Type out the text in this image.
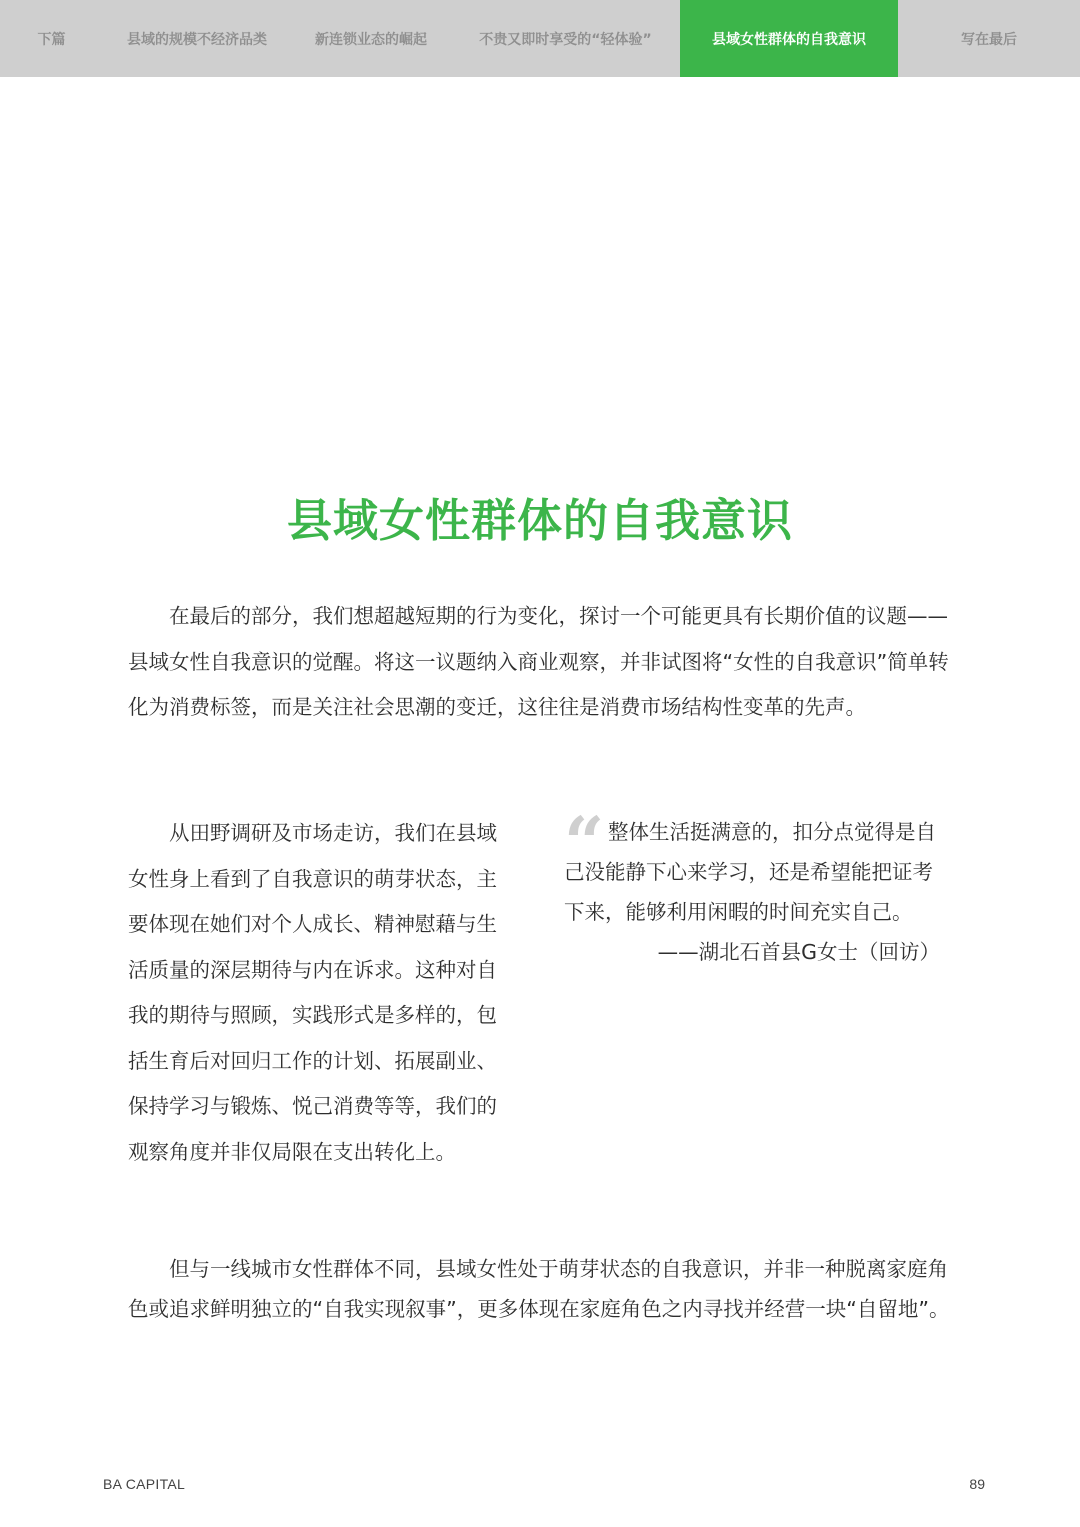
下篇	县域的规模不经济品类	新连锁业态的崛起	不贵又即时享受的“轻体验”	县域女性群体的自我意识	写在最后
县域女性群体的自我意识

在最后的部分，我们想超越短期的行为变化，探讨一个可能更具有长期价值的议题——县域女性自我意识的觉醒。将这一议题纳入商业观察，并非试图将“女性的自我意识”简单转化为消费标签，而是关注社会思潮的变迁，这往往是消费市场结构性变革的先声。

从田野调研及市场走访，我们在县域女性身上看到了自我意识的萌芽状态，主要体现在她们对个人成长、精神慰藉与生活质量的深层期待与内在诉求。这种对自我的期待与照顾，实践形式是多样的，包括生育后对回归工作的计划、拓展副业、保持学习与锻炼、悦己消费等等，我们的观察角度并非仅局限在支出转化上。

“ 整体生活挺满意的，扣分点觉得是自己没能静下心来学习，还是希望能把证考下来，能够利用闲暇的时间充实自己。

——湖北石首县G女士（回访）

但与一线城市女性群体不同，县域女性处于萌芽状态的自我意识，并非一种脱离家庭角色或追求鲜明独立的“自我实现叙事”，更多体现在家庭角色之内寻找并经营一块“自留地”。

BA CAPITAL	89
